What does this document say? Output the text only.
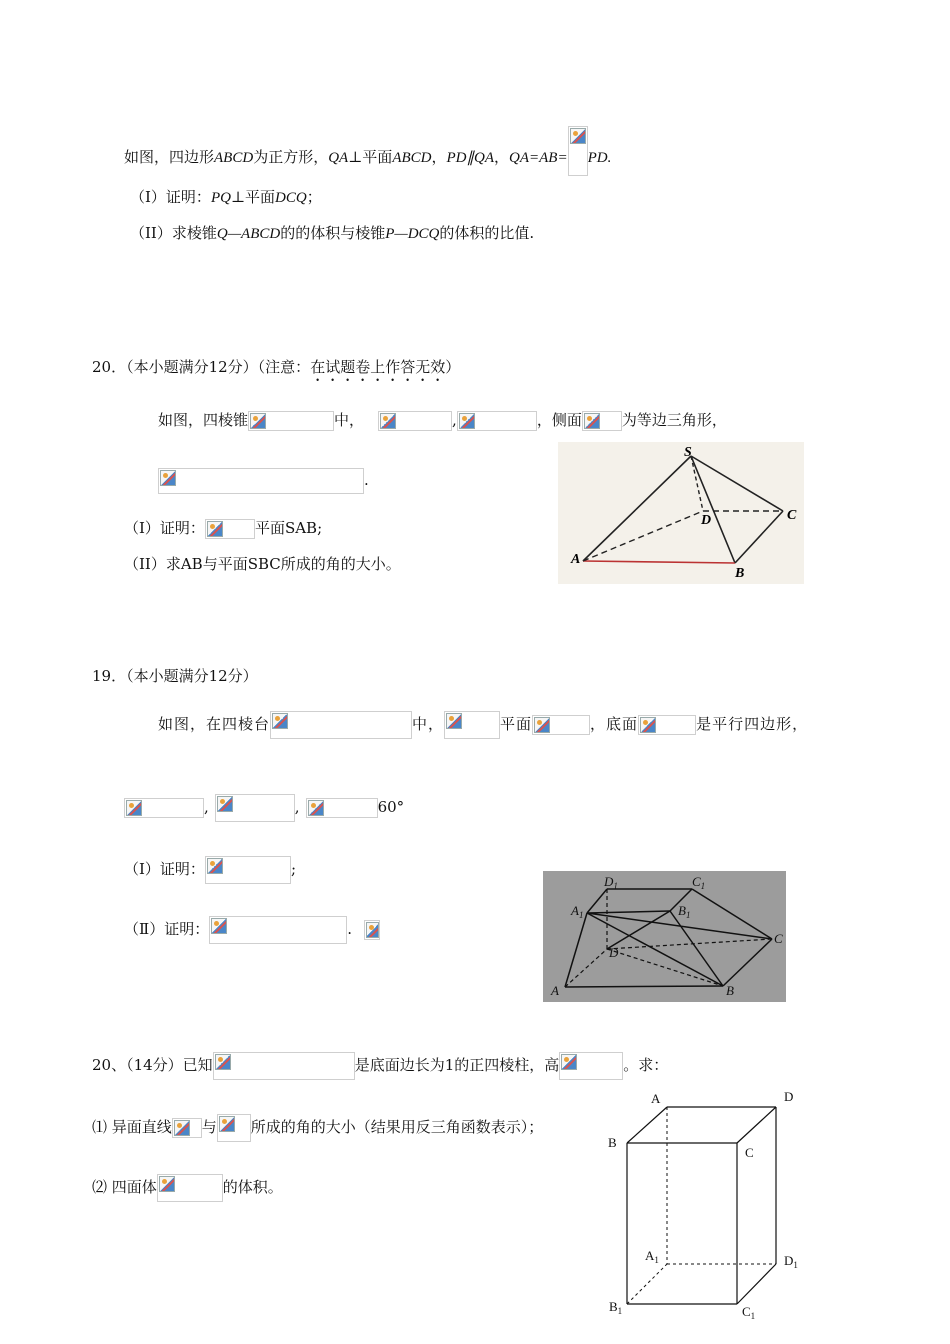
如图，四边形ABCD为正方形，QA⊥平面ABCD，PD∥QA，QA=AB= PD.
（I）证明：PQ⊥平面DCQ；
（II）求棱锥Q—ABCD的的体积与棱锥P—DCQ的体积的比值.
20．（本小题满分12分）（注意：在试题卷上作答无效）
如图，四棱锥	中，	,	，侧面	为等边三角形，
.
（I）证明：	平面SAB;
（II）求AB与平面SBC所成的角的大小。
S
D	C
A
B
19．（本小题满分12分）
如图，在四棱台	中，	平面	，底面	是平行四边形，
,	,	60°
（Ⅰ）证明：	;
（Ⅱ）证明：	.
$D_1$	$C_1$
$A_1$	$B_1$
C
D
A	B
20、（14分）已知	是底面边长为1的正四棱柱，高	。求：
⑴ 异面直线 与 所成的角的大小（结果用反三角函数表示）；
⑵ 四面体	的体积。
A	D
B
C
$A_1$	$D_1$
$B_1$	$C_1$
